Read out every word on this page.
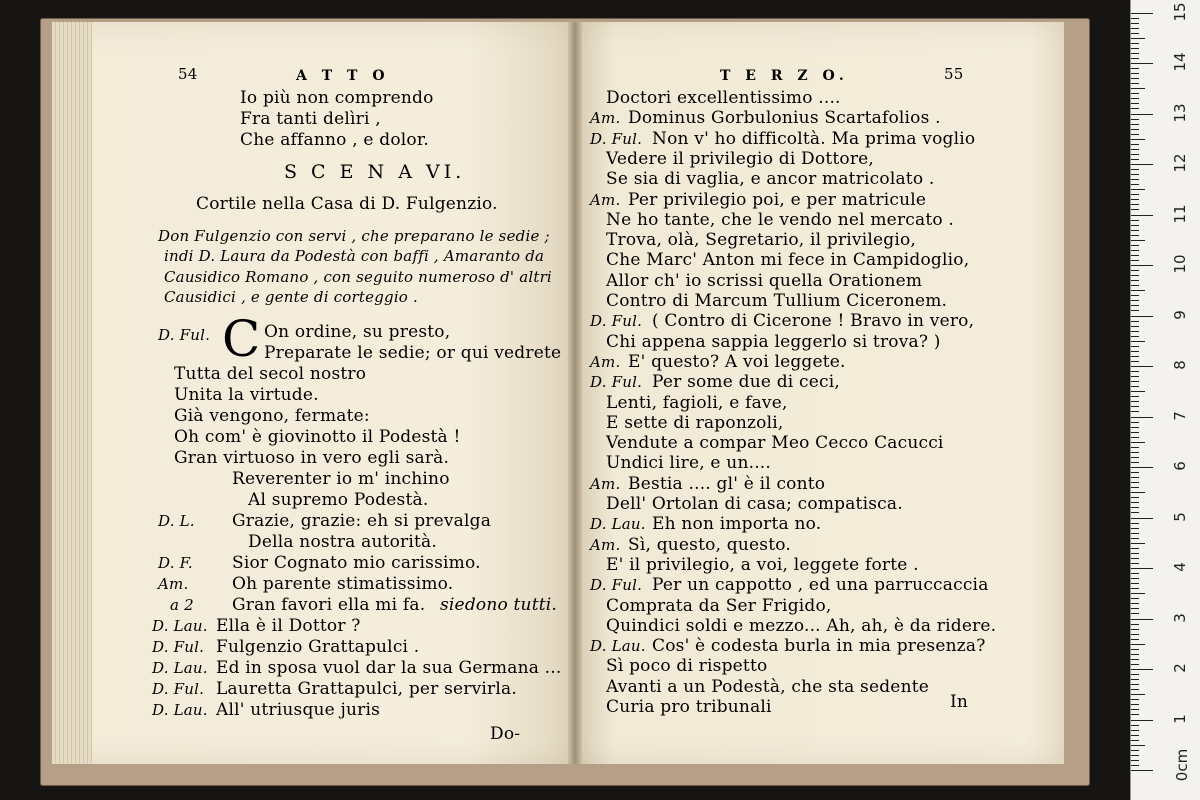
54	A T T O
Io più non comprendo
Fra tanti delìri ,
Che affanno , e dolor.
S C E N A VI.
Cortile nella Casa di D. Fulgenzio.
Don Fulgenzio con servi , che preparano le sedie ;
indi D. Laura da Podestà con baffi , Amaranto da
Causidico Romano , con seguito numeroso d' altri
Causidici , e gente di corteggio .
D. Ful. C On ordine, su presto,
Preparate le sedie; or qui vedrete
Tutta del secol nostro
Unita la virtude.
Già vengono, fermate:
Oh com' è giovinotto il Podestà !
Gran virtuoso in vero egli sarà.
Reverenter io m' inchino
Al supremo Podestà.
D. L. Grazie, grazie: eh si prevalga
Della nostra autorità.
D. F. Sior Cognato mio carissimo.
Am.	Oh parente stimatissimo.
a 2 Gran favori ella mi fa. siedono tutti.
D. Lau. Ella è il Dottor ?
D. Ful. Fulgenzio Grattapulci .
D. Lau. Ed in sposa vuol dar la sua Germana ...
D. Ful. Lauretta Grattapulci, per servirla.
D. Lau. All' utriusque juris
Do-
T E R Z O.	55
Doctori excellentissimo ....
Am. Dominus Gorbulonius Scartafolios .
D. Ful. Non v' ho difficoltà. Ma prima voglio
Vedere il privilegio di Dottore,
Se sia di vaglia, e ancor matricolato .
Am. Per privilegio poi, e per matricule
Ne ho tante, che le vendo nel mercato .
Trova, olà, Segretario, il privilegio,
Che Marc' Anton mi fece in Campidoglio,
Allor ch' io scrissi quella Orationem
Contro di Marcum Tullium Ciceronem.
D. Ful. ( Contro di Cicerone ! Bravo in vero,
Chi appena sappia leggerlo si trova? )
Am. E' questo? A voi leggete.
D. Ful. Per some due di ceci,
Lenti, fagioli, e fave,
E sette di raponzoli,
Vendute a compar Meo Cecco Cacucci
Undici lire, e un....
Am. Bestia .... gl' è il conto
Dell' Ortolan di casa; compatisca.
D. Lau. Eh non importa no.
Am. Sì, questo, questo.
E' il privilegio, a voi, leggete forte .
D. Ful. Per un cappotto , ed una parruccaccia
Comprata da Ser Frigido,
Quindici soldi e mezzo... Ah, ah, è da ridere.
D. Lau. Cos' è codesta burla in mia presenza?
Sì poco di rispetto
Avanti a un Podestà, che sta sedente
Curia pro tribunali	In
0cm
1
2
3
4
5
6
7
8
9
10
11
12
13
14
15
